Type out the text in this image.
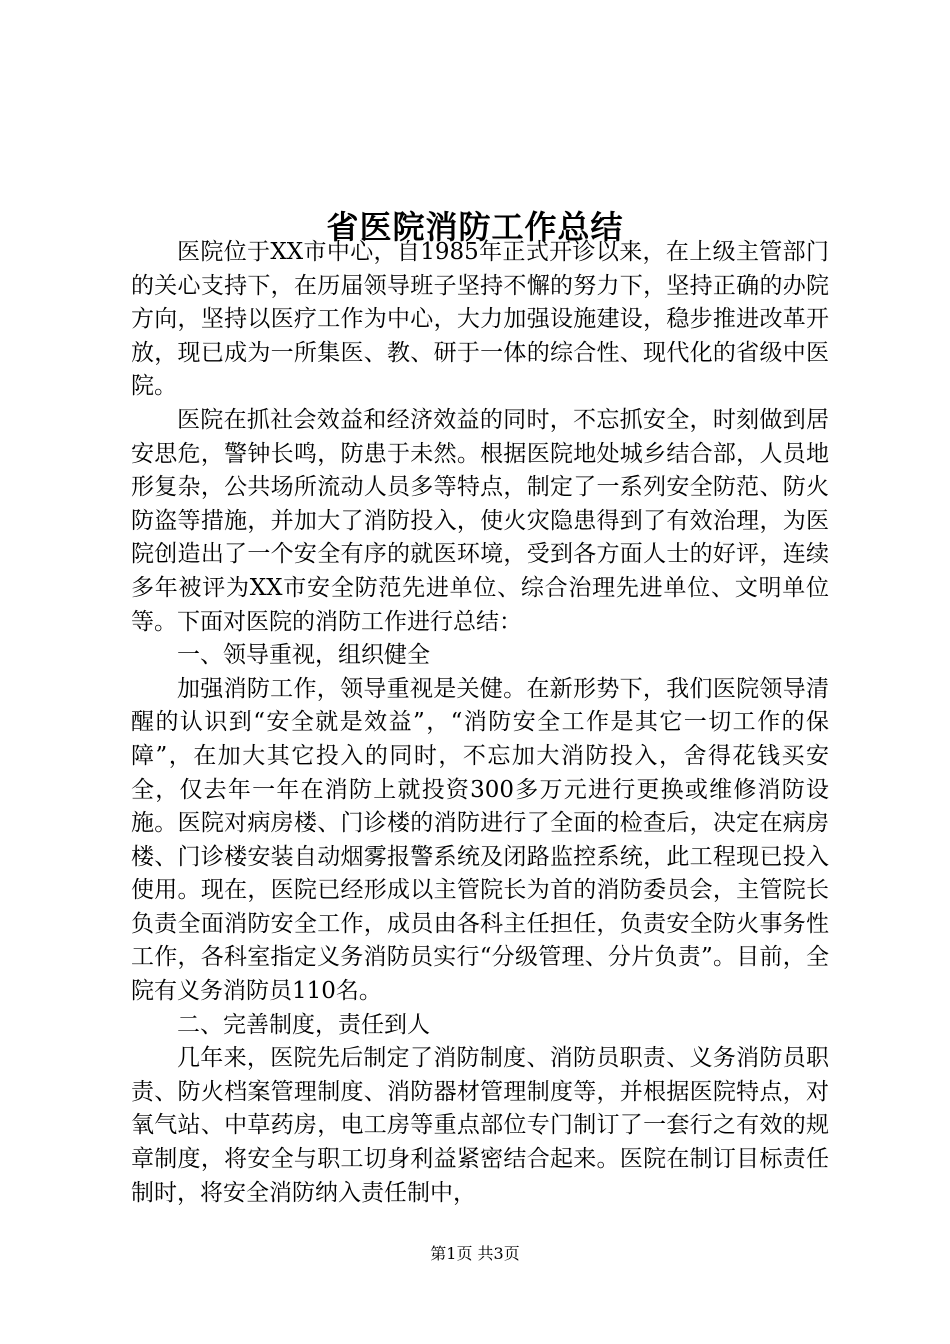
省医院消防工作总结

医院位于XX市中心，自1985年正式开诊以来，在上级主管部门的关心支持下，在历届领导班子坚持不懈的努力下，坚持正确的办院方向，坚持以医疗工作为中心，大力加强设施建设，稳步推进改革开放，现已成为一所集医、教、研于一体的综合性、现代化的省级中医院。

医院在抓社会效益和经济效益的同时，不忘抓安全，时刻做到居安思危，警钟长鸣，防患于未然。根据医院地处城乡结合部，人员地形复杂，公共场所流动人员多等特点，制定了一系列安全防范、防火防盗等措施，并加大了消防投入，使火灾隐患得到了有效治理，为医院创造出了一个安全有序的就医环境，受到各方面人士的好评，连续多年被评为XX市安全防范先进单位、综合治理先进单位、文明单位等。下面对医院的消防工作进行总结：

一、领导重视，组织健全

加强消防工作，领导重视是关健。在新形势下，我们医院领导清醒的认识到“安全就是效益”，“消防安全工作是其它一切工作的保障”，在加大其它投入的同时，不忘加大消防投入，舍得花钱买安全，仅去年一年在消防上就投资300多万元进行更换或维修消防设施。医院对病房楼、门诊楼的消防进行了全面的检查后，决定在病房楼、门诊楼安装自动烟雾报警系统及闭路监控系统，此工程现已投入使用。现在，医院已经形成以主管院长为首的消防委员会，主管院长负责全面消防安全工作，成员由各科主任担任，负责安全防火事务性工作，各科室指定义务消防员实行“分级管理、分片负责”。目前，全院有义务消防员110名。

二、完善制度，责任到人

几年来，医院先后制定了消防制度、消防员职责、义务消防员职责、防火档案管理制度、消防器材管理制度等，并根据医院特点，对氧气站、中草药房，电工房等重点部位专门制订了一套行之有效的规章制度，将安全与职工切身利益紧密结合起来。医院在制订目标责任制时，将安全消防纳入责任制中，

第1页 共3页
